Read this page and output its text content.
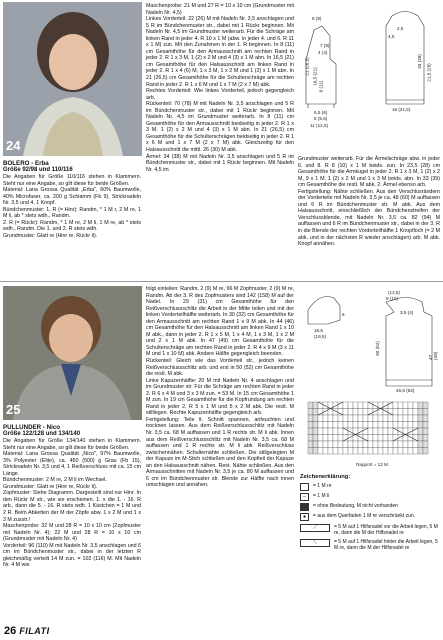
24
BOLERO - Erba
Größe 92/98 und 110/116
Die Angaben für Größe 110/116 stehen in Klammern. Steht nur eine Angabe, so gilt diese für beide Größen.
Material: Lana Grossa Qualität „Erba", 60% Baumwolle, 40% Microfaser, ca. 200 g Schlamm (Fb 9), Stricknadeln Nr. 3,5 und 4, 1 Knopf.
Bündchenmuster: 1. R (= Hinr): Randm, * 1 M r, 2 M re, 1 M li, ab * stets wdh., Randm.
2. R (= Rückr): Randm, * 1 M re, 2 M li, 1 M re, ab * stets wdh., Randm. Die 1. und 2. R stets wdh.
Grundmuster: Glatt re (Hinr re, Rückr li).
Maschenprobe: 21 M und 27 R = 10 x 10 cm (Grundmuster mit Nadeln Nr. 4,5)
Linkes Vorderteil: 22 (26) M mit Nadeln Nr. 3,5 anschlagen und 5 R im Bündchenmuster str., dabei mit 1 Rückr beginnen. Mit Nadeln Nr. 4,5 im Grundmuster weiterarb. Für die Schräge am linken Rand in jeder 4. R 10 x 1 M (abw. in jeder 4. und 6. R 11 x 1 M) zun. Mit den Zunahmen in der 1. R beginnen. In 8 (11) cm Gesamthöhe für den Armausschnitt am rechten Rand in jeder 2. R 1 x 3 M, 1 (2) x 2 M und 4 (3) x 1 M abn. In 16,5 (21) cm Gesamthöhe für den Halsausschnitt am linken Rand in jeder 2. R 1 x 4 (6) M, 1 x 3 M, 1 x 2 M und 1 (2) x 1 M abn. In 21 (26,5) cm Gesamthöhe für die Schulterschräge am rechten Rand in jeder 2. R 1 x 6 M und 1 x 7 M (2 x 7 M) abk.
Rechtes Vorderteil: Wie linkes Vorderteil, jedoch gegengleich arb.
Rückenteil: 70 (78) M mit Nadeln Nr. 3,5 anschlagen und 5 R im Bündchenmuster str., dabei mit 1 Rückr beginnen. Mit Nadeln Nr. 4,5 im Grundmuster weiterarb. In 8 (11) cm Gesamthöhe für den Armausschnitt beidseitig in jeder 2. R 1 x 3 M, 1 (2) x 2 M und 4 (3) x 1 M abn. In 21 (26,5) cm Gesamthöhe für die Schulterschrägen beidseitig in jeder 2. R 1 x 6 M und 1 x 7 M (2 x 7 M) abk. Gleichzeitig für den Halsausschnitt die mittl. 26 (30) M abk.
Ärmel: 34 (38) M mit Nadeln Nr. 3,5 anschlagen und 5 R im Bündchenmuster str., dabei mit 1 Rückr beginnen. Mit Nadeln Nr. 4,5 im
8 (9)
21 (26,5)
16,5 (21)
8 (11)
7 (9)
4 (4)
5,5 (6)
5 (5,5)
11 (12,5)
4,5
2,5
18 (21,5)
33 (39)
21,5 (28)
Grundmuster weiterarb. Für die Ärmelschräge abw. in jeder 6. und 8. R 8 (10) x 1 M beids. zun. In 23,5 (28) cm Gesamthöhe für die Armkugel in jeder 2. R 1 x 3 M, 1 (2) x 2 M, 9 x 1 M, 1 (2) x 2 M und 1 x 3 M beids. abn. In 33 (39) cm Gesamthöhe die restl. M abk. 2. Ärmel ebenso arb.
Fertigstellung: Nähte schließen. Aus den Verschlusrändern der Vorderteile mit Nadeln Nr. 3,5 je ca. 48 (60) M auffassen und 6 R im Bündchenmuster str. M abk. Aus dem Halsausschnitt, einschließlich der Bündchenstreifen der Verschlussblende, mit Nadeln Nr. 3,5 ca. 82 (94) M auffassen und 6 R im Bündchenmuster str., dabei in der 3. R in die Blende der rechten Vorderteilhälfte 1 Knopfloch (= 2 M abk. und in der nächsten R wieder anschlagen) arb. M abk. Knopf annähen.
25
PULLUNDER - Nico
Größe 122/128 und 134/140
Die Angaben für Größe 134/140 stehen in Klammern. Steht nur eine Angabe, so gilt diese für beide Größen.
Material: Lana Grossa Qualität „Nico", 97% Baumwolle, 3% Polyester (Elite), ca. 450 (500) g Grau (Fb 15), Stricknadeln Nr. 3,5 und 4, 1 Reißverschluss mit ca. 15 cm Länge.
Bündchenmuster: 2 M re, 2 M li im Wechsel.
Grundmuster: Glatt re (Hinr re, Rückr li).
Zopfmuster: Siehe Diagramm. Dargestellt sind nur Hinr. In den Rückr M str., wie sie erscheinen. 1. x die 1. - 16. R arb., dann die 5. - 16. R stets wdh. 1 Kästchen = 1 M und 2 R. Beim Abketten der M der Zöpfe abw. 1 x 2 M und 1 x 3 M zusstr.!
Maschenprobe: 32 M und 28 R = 10 x 10 cm (Zopfmuster mit Nadeln Nr. 4); 22 M und 28 R = 10 x 10 cm (Grundmuster mit Nadeln Nr. 4)
Vorderteil: 96 (110) M mit Nadeln Nr. 3,5 anschlagen und 6 cm im Bündchenmuster str., dabei in der letzten R gleichmäßig verteilt 14 M zun. = 102 (116) M. Mit Nadeln Nr. 4 M wie
folgt einteilen: Randm, 2 (9) M re, 96 M Zopfmuster, 2 (9) M re, Randm. Ab der 3. R des Zopfmusters sind 142 (158) M auf der Nadel. In 29 (31) cm Gesamthöhe für den Reißverschlussschlitz die Arbeit in der Mitte teilen und mit der linken Vorderteilhälfte weiterarb. In 30 (32) cm Gesamthöhe für den Armausschnitt am rechten Rand 1 x 9 M abk. In 44 (46) cm Gesamthöhe für den Halsausschnitt am linken Rand 1 x 10 M abk., dann in jeder 2. R 1 x 5 M, 1 x 4 M, 1 x 3 M, 1 x 2 M und 2 x 1 M abk. In 47 (49) cm Gesamthöhe für die Schulterschräge am rechten Rand in jeder 2. R 4 x 9 M (3 x 11 M und 1 x 10 M) abk. Andere Hälfte gegengleich beenden.
Rückenteil: Gleich wie das Vorderteil str., jedoch keinen Reißverschlussschlitz arb. und erst in 50 (52) cm Gesamthöhe die restl. M abk.
Linke Kapuzenhälfte: 20 M mit Nadeln Nr. 4 anschlagen und im Grundmuster str. Für die Schräge am rechten Rand in jeder 2. R 6 x 4 M und 3 x 3 M zun. = 53 M. In 15 cm Gesamthöhe 1 M zun. In 19 cm Gesamthöhe für die Kopfrundung am rechten Rand in jeder 2. R 5 x 1 M und 5 x 2 M abk. Die restl. M stilllegen. Rechte Kapuzenhälfte gegengleich arb.
Fertigstellung: Teile lt. Schnitt spannen, anfeuchten und trocknen lassen. Aus dem Reißverschlussschlitz mit Nadeln Nr. 3,5 ca. 68 M auffassen und 1 R rechts str. M li abk. Innen aus dem Reißverschlussschlitz mit Nadeln Nr. 3,5 ca. 68 M auffassen und 1 R rechts str. M li abk. Reißverschluss zwischennähen. Schulternähte schließen. Die stillgelegten M der Kapuze im M-Stich schließen und den Kopfteil der Kapuze an den Halsausschnitt nähen. Rest. Nähte schließen. Aus den Armausschnitten mit Nadeln Nr. 3,5 je ca. 80 M auffassen und 6 cm im Bündchenmuster str. Blende zur Hälfte nach innen umschlagen und annähen.
(12,5)
9 (10)
18,5
(19,5)
6	3,5 (4)
50 (52)
47 (49)
46,5 (53)
Rapport = 12 M
Zeichenerklärung:
= 1 M re
–	= 1 M li
■	= ohne Bedeutung, M nicht vorhanden
●	= aus dem Querfaden 1 M re verschränkt zun.
⟋	= 5 M auf 1 Hilfsnadel vor die Arbeit legen, 5 M re, dann die M der Hilfsnadel re
⟍	= 5 M auf 1 Hilfsnadel hinter die Arbeit legen, 5 M re, dann die M der Hilfsnadel re
26 FILATI
